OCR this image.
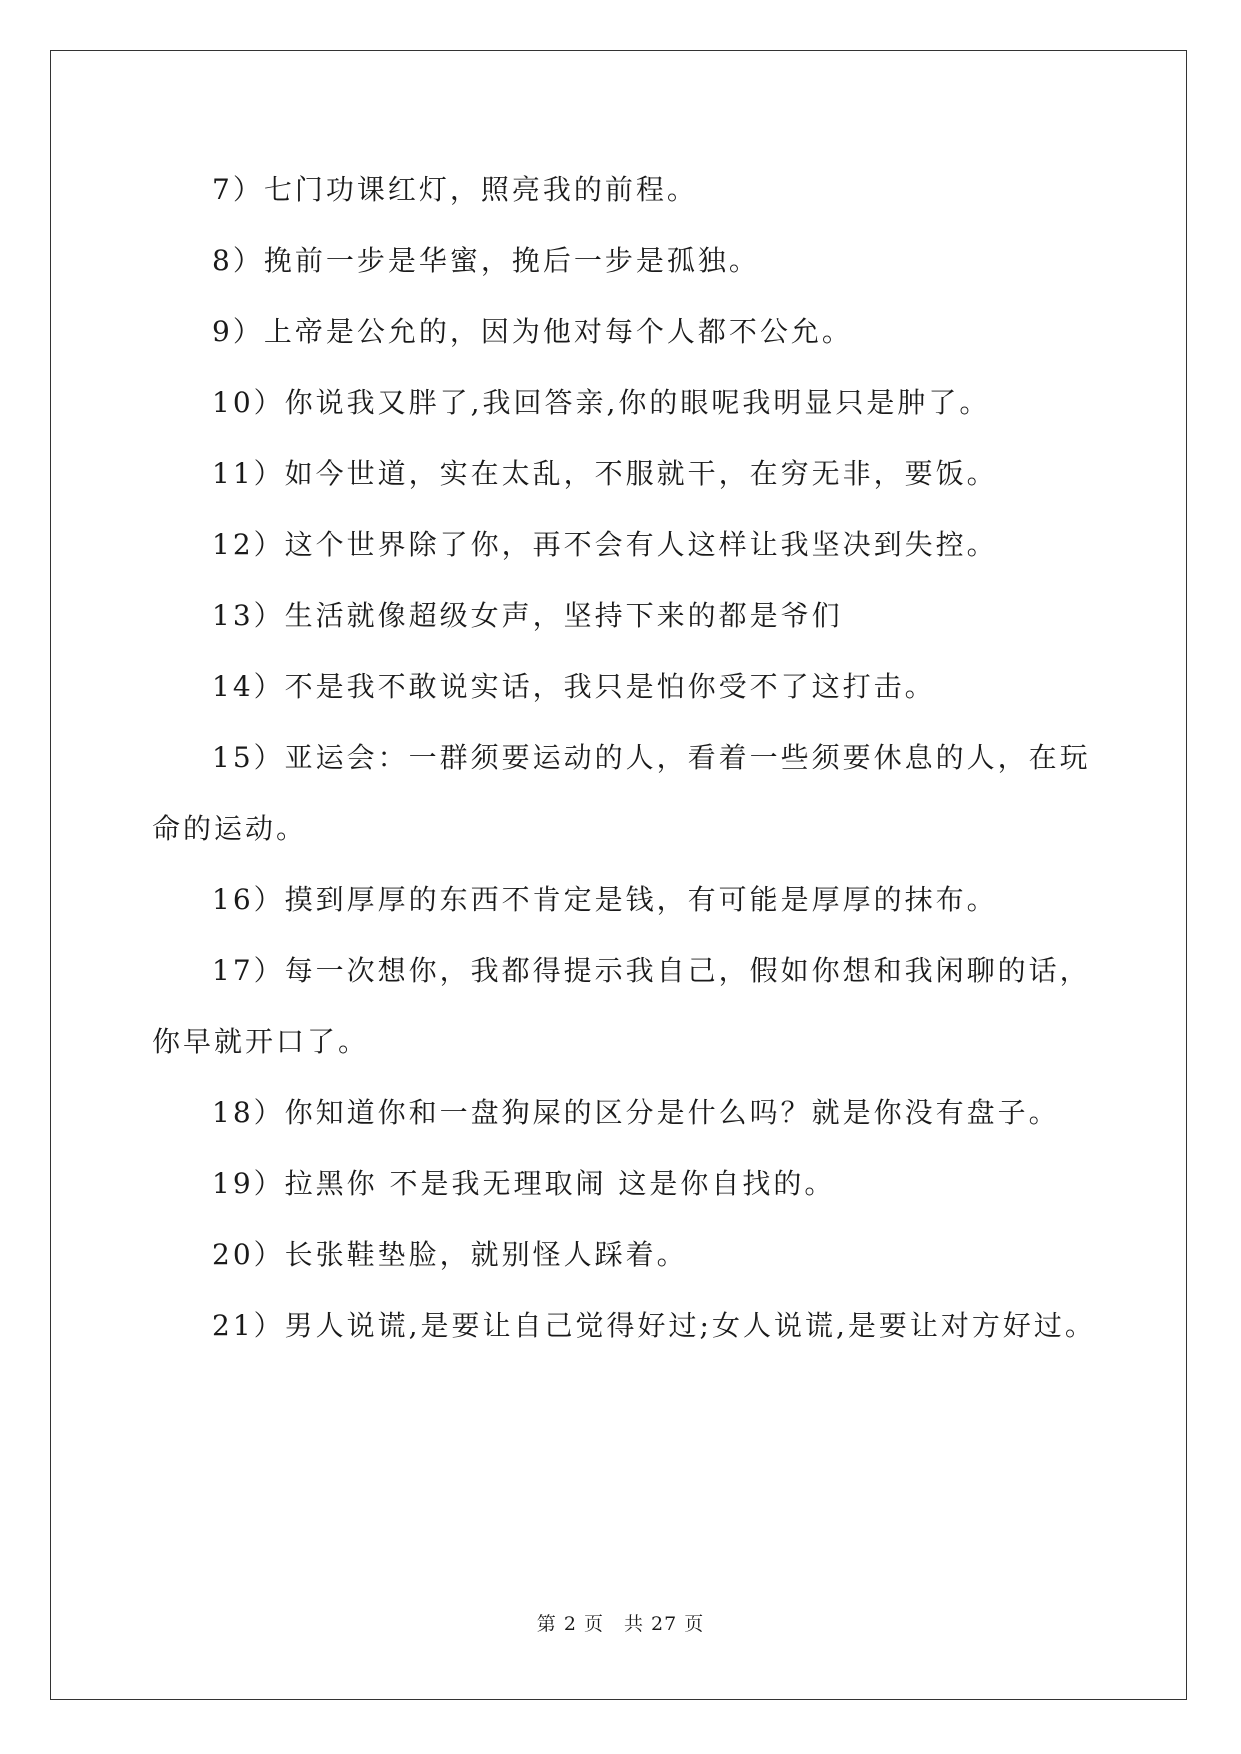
7）七门功课红灯，照亮我的前程。
8）挽前一步是华蜜，挽后一步是孤独。
9）上帝是公允的，因为他对每个人都不公允。
10）你说我又胖了,我回答亲,你的眼呢我明显只是肿了。
11）如今世道，实在太乱，不服就干，在穷无非，要饭。
12）这个世界除了你，再不会有人这样让我坚决到失控。
13）生活就像超级女声，坚持下来的都是爷们
14）不是我不敢说实话，我只是怕你受不了这打击。
15）亚运会：一群须要运动的人，看着一些须要休息的人，在玩
命的运动。
16）摸到厚厚的东西不肯定是钱，有可能是厚厚的抹布。
17）每一次想你，我都得提示我自己，假如你想和我闲聊的话，
你早就开口了。
18）你知道你和一盘狗屎的区分是什么吗？就是你没有盘子。
19）拉黑你 不是我无理取闹 这是你自找的。
20）长张鞋垫脸，就别怪人踩着。
21）男人说谎,是要让自己觉得好过;女人说谎,是要让对方好过。
第 2 页　共 27 页
